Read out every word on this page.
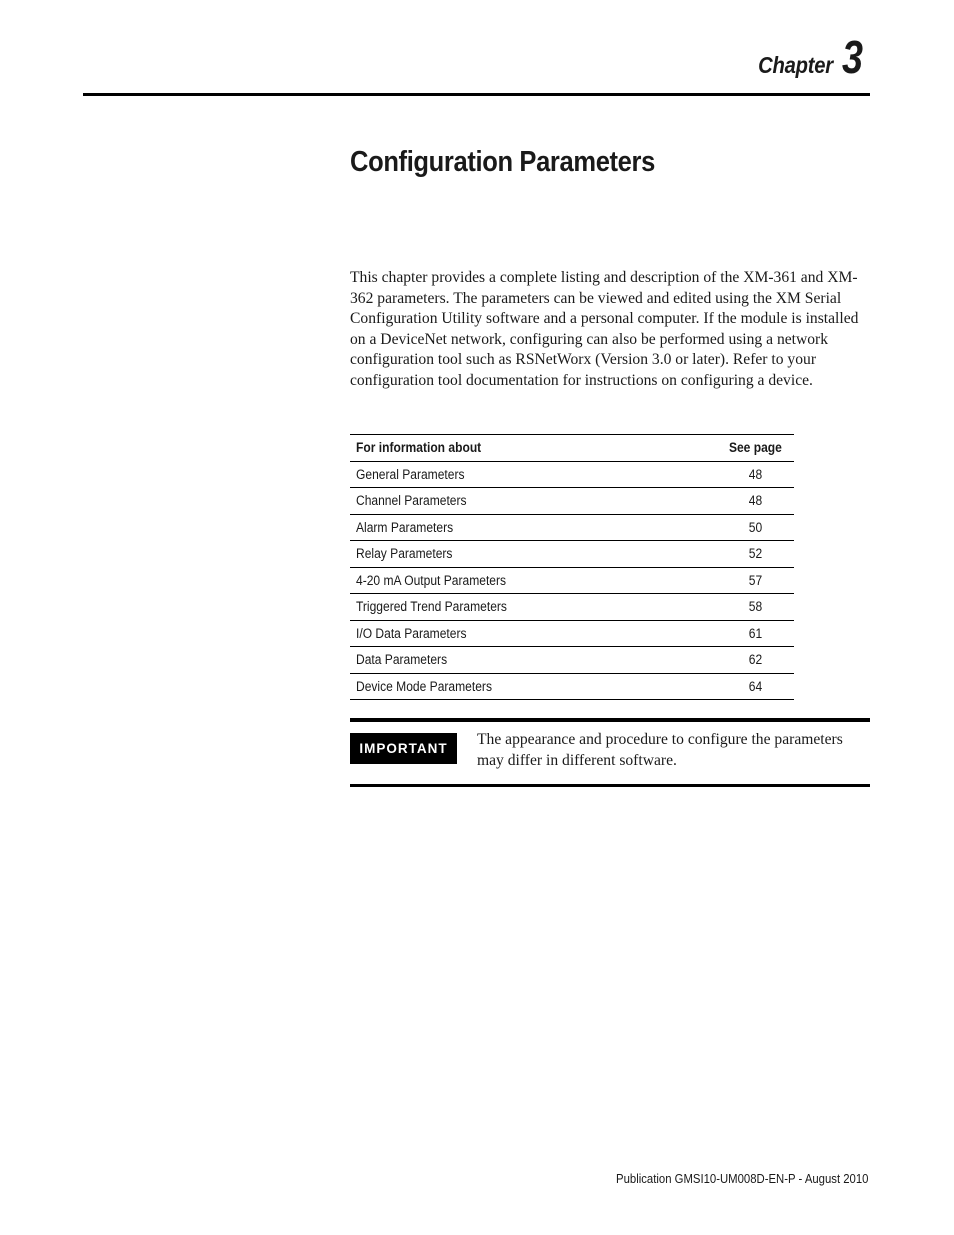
Chapter 3
Configuration Parameters

This chapter provides a complete listing and description of the XM-361 and XM-362 parameters. The parameters can be viewed and edited using the XM Serial Configuration Utility software and a personal computer. If the module is installed on a DeviceNet network, configuring can also be performed using a network configuration tool such as RSNetWorx (Version 3.0 or later). Refer to your configuration tool documentation for instructions on configuring a device.

For information about	See page
General Parameters	48
Channel Parameters	48
Alarm Parameters	50
Relay Parameters	52
4-20 mA Output Parameters	57
Triggered Trend Parameters	58
I/O Data Parameters	61
Data Parameters	62
Device Mode Parameters	64
IMPORTANT

The appearance and procedure to configure the parameters may differ in different software.

Publication GMSI10-UM008D-EN-P - August 2010
